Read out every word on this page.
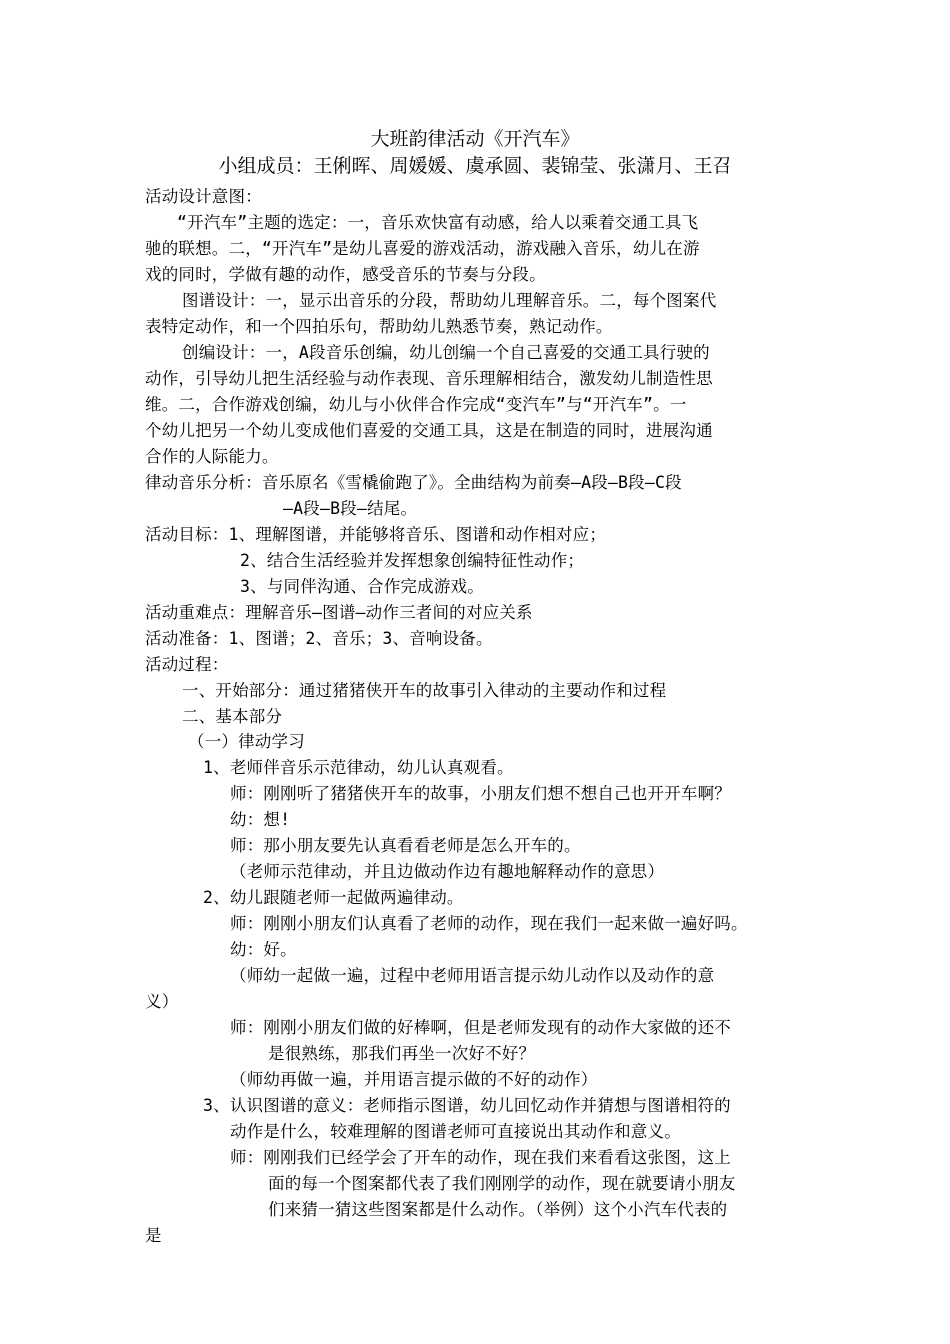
大班韵律活动《开汽车》
小组成员：王俐晖、周媛媛、虞承圆、裴锦莹、张潇月、王召
活动设计意图：
“开汽车”主题的选定：一，音乐欢快富有动感，给人以乘着交通工具飞
驰的联想。二，“开汽车”是幼儿喜爱的游戏活动，游戏融入音乐，幼儿在游
戏的同时，学做有趣的动作，感受音乐的节奏与分段。
图谱设计：一，显示出音乐的分段，帮助幼儿理解音乐。二，每个图案代
表特定动作，和一个四拍乐句，帮助幼儿熟悉节奏，熟记动作。
创编设计：一，A段音乐创编，幼儿创编一个自己喜爱的交通工具行驶的
动作，引导幼儿把生活经验与动作表现、音乐理解相结合，激发幼儿制造性思
维。二，合作游戏创编，幼儿与小伙伴合作完成“变汽车”与“开汽车”。一
个幼儿把另一个幼儿变成他们喜爱的交通工具，这是在制造的同时，进展沟通
合作的人际能力。
律动音乐分析：音乐原名《雪橇偷跑了》。全曲结构为前奏—A段—B段—C段
—A段—B段—结尾。
活动目标：1、理解图谱，并能够将音乐、图谱和动作相对应；
2、结合生活经验并发挥想象创编特征性动作；
3、与同伴沟通、合作完成游戏。
活动重难点：理解音乐—图谱—动作三者间的对应关系
活动准备：1、图谱；2、音乐；3、音响设备。
活动过程：
一、开始部分：通过猪猪侠开车的故事引入律动的主要动作和过程
二、基本部分
（一）律动学习
1、老师伴音乐示范律动，幼儿认真观看。
师：刚刚听了猪猪侠开车的故事，小朋友们想不想自己也开开车啊？
幼：想!
师：那小朋友要先认真看看老师是怎么开车的。
（老师示范律动，并且边做动作边有趣地解释动作的意思）
2、幼儿跟随老师一起做两遍律动。
师：刚刚小朋友们认真看了老师的动作，现在我们一起来做一遍好吗。
幼：好。
（师幼一起做一遍，过程中老师用语言提示幼儿动作以及动作的意
义）
师：刚刚小朋友们做的好棒啊，但是老师发现有的动作大家做的还不
是很熟练，那我们再坐一次好不好？
（师幼再做一遍，并用语言提示做的不好的动作）
3、认识图谱的意义：老师指示图谱，幼儿回忆动作并猜想与图谱相符的
动作是什么，较难理解的图谱老师可直接说出其动作和意义。
师：刚刚我们已经学会了开车的动作，现在我们来看看这张图，这上
面的每一个图案都代表了我们刚刚学的动作，现在就要请小朋友
们来猜一猜这些图案都是什么动作。（举例）这个小汽车代表的
是
